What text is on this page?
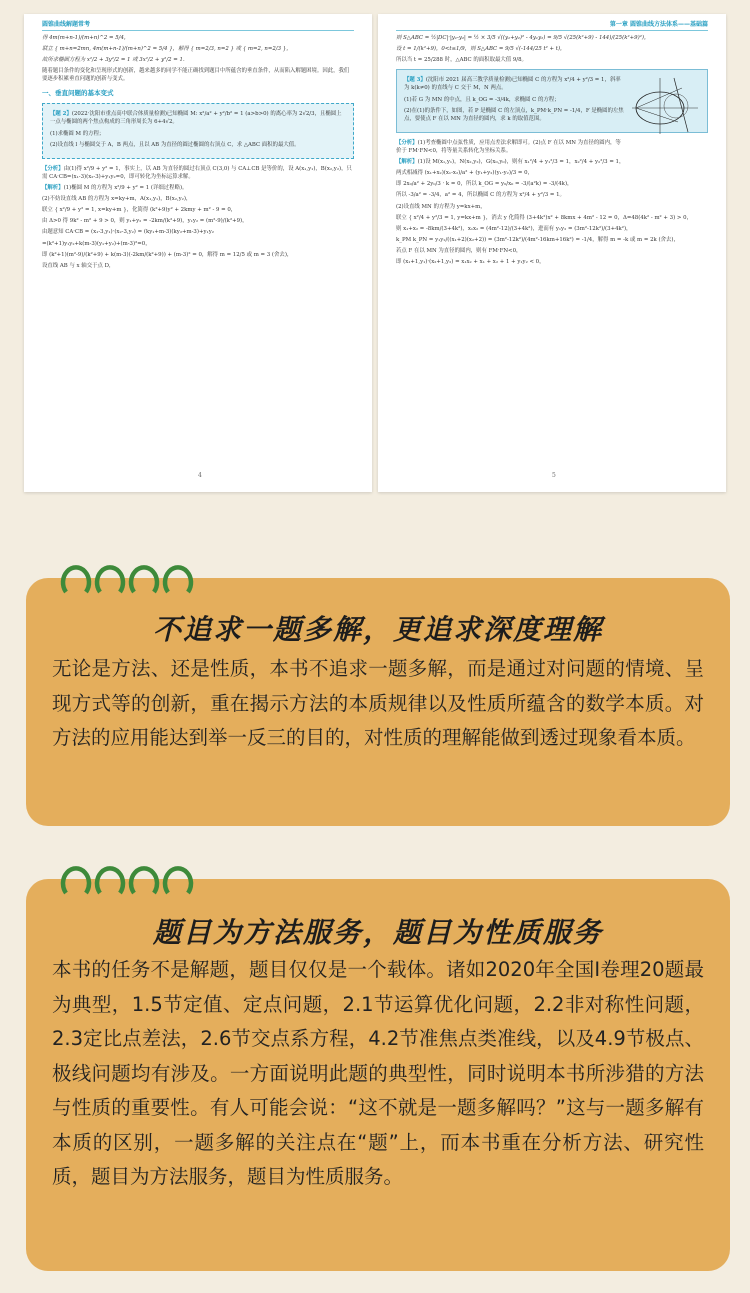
圆锥曲线解题常考

得 4m(m+n-1)/(m+n)^2 = 5/4，

联立 { m+n=2mn, 4m(m+n-1)/(m+n)^2 = 5/4 }，解得 { m=2/3, n=2 } 或 { m=2, n=2/3 }，

故所求椭圆方程为 x²/2 + 3y²/2 = 1 或 3x²/2 + y²/2 = 1.

随着题目条件的变化和呈现形式的创新，越来越多的同学不能正确找到题目中所蕴含的垂直条件，从而陷入解题困境。因此，我们要逐步积累垂直问题的创新与变式。

一、垂直问题的基本变式

【题 2】(2022·沈阳市重点高中联合体质量检测)已知椭圆 M: x²/a² + y²/b² = 1 (a>b>0) 的离心率为 2√2/3，且椭圆上一点与椭圆的两个焦点构成的三角形周长为 6+4√2。

(1)求椭圆 M 的方程；

(2)设直线 l 与椭圆交于 A，B 两点，且以 AB 为直径的圆过椭圆的右顶点 C，求 △ABC 面积的最大值。

【分析】由(1)得 x²/9 + y² = 1，事实上，以 AB 为直径的圆过右顶点 C(3,0) 与 CA⊥CB 是等价的，设 A(x₁,y₁)，B(x₂,y₂)，只需 CA·CB=(x₁-3)(x₂-3)+y₁y₂=0，即可转化为坐标运算求解。

【解析】(1)椭圆 M 的方程为 x²/9 + y² = 1 (详细过程略)。

(2)不妨设直线 AB 的方程为 x=ky+m，A(x₁,y₁)，B(x₂,y₂)，

联立 { x²/9 + y² = 1, x=ky+m }，化简得 (k²+9)y² + 2kmy + m² - 9 = 0，

由 Δ>0 得 9k² - m² + 9 > 0，则 y₁+y₂ = -2km/(k²+9)，y₁y₂ = (m²-9)/(k²+9)，

由题意知 CA·CB = (x₁-3,y₁)·(x₂-3,y₂) = (ky₁+m-3)(ky₂+m-3)+y₁y₂

=(k²+1)y₁y₂+k(m-3)(y₁+y₂)+(m-3)²=0，

即 (k²+1)(m²-9)/(k²+9) + k(m-3)(-2km/(k²+9)) + (m-3)² = 0，解得 m = 12/5 或 m = 3 (舍去)，

设直线 AB 与 x 轴交于点 D，

4
第一章 圆锥曲线方法体系——基础篇

则 S△ABC = ½|DC|·|y₁-y₂| = ½ × 3/5 √((y₁+y₂)² - 4y₁y₂) = 9/5 √(25(k²+9) - 144)/(25(k²+9)²)，

设 t = 1/(k²+9)，0<t≤1/9，则 S△ABC = 9/5 √(-144/25 t² + t)，

所以当 t = 25/288 时，△ABC 的面积取最大值 9/8。

【题 3】(沈阳市 2021 届高三教学质量检测)已知椭圆 C 的方程为 x²/4 + y²/3 = 1，斜率为 k(k≠0) 的直线与 C 交于 M，N 两点。

(1)若 G 为 MN 的中点，且 k_OG = -3/4k，求椭圆 C 的方程；

(2)在(1)的条件下，如图，若 P 是椭圆 C 的左顶点，k_PM·k_PN = -1/4，F 是椭圆的左焦点，要使点 F 在以 MN 为直径的圆内，求 k 的取值范围。

【分析】(1)考查椭圆中点弦性质，应用点差法求解即可。(2)点 F 在以 MN 为直径的圆内，等价于 FM·FN<0，将等量关系转化为坐标关系。

【解析】(1)设 M(x₁,y₁)，N(x₂,y₂)，G(x₀,y₀)，则有 x₁²/4 + y₁²/3 = 1，x₂²/4 + y₂²/3 = 1，

两式相减得 (x₁+x₂)(x₁-x₂)/a² + (y₁+y₂)(y₁-y₂)/3 = 0，

即 2x₀/a² + 2y₀/3 · k = 0，所以 k_OG = y₀/x₀ = -3/(a²k) = -3/(4k)，

所以 -3/a² = -3/4，a² = 4，所以椭圆 C 的方程为 x²/4 + y²/3 = 1。

(2)设直线 MN 的方程为 y=kx+m，

联立 { x²/4 + y²/3 = 1, y=kx+m }，消去 y 化简得 (3+4k²)x² + 8kmx + 4m² - 12 = 0，Δ=48(4k² - m² + 3) > 0，

则 x₁+x₂ = -8km/(3+4k²)，x₁x₂ = (4m²-12)/(3+4k²)，进而有 y₁y₂ = (3m²-12k²)/(3+4k²)，

k_PM k_PN = y₁y₂/((x₁+2)(x₂+2)) = (3m²-12k²)/(4m²-16km+16k²) = -1/4，解得 m = -k 或 m = 2k (舍去)，

若点 F 在以 MN 为直径的圆内，则有 FM·FN<0，

即 (x₁+1,y₁)·(x₂+1,y₂) = x₁x₂ + x₁ + x₂ + 1 + y₁y₂ < 0，

5
不追求一题多解，更追求深度理解

无论是方法、还是性质，本书不追求一题多解，而是通过对问题的情境、呈现方式等的创新，重在揭示方法的本质规律以及性质所蕴含的数学本质。对方法的应用能达到举一反三的目的，对性质的理解能做到透过现象看本质。

题目为方法服务，题目为性质服务

本书的任务不是解题，题目仅仅是一个载体。诸如2020年全国Ⅰ卷理20题最为典型，1.5节定值、定点问题，2.1节运算优化问题，2.2非对称性问题，2.3定比点差法，2.6节交点系方程，4.2节准焦点类准线，以及4.9节极点、极线问题均有涉及。一方面说明此题的典型性，同时说明本书所涉猎的方法与性质的重要性。有人可能会说：“这不就是一题多解吗？”这与一题多解有本质的区别，一题多解的关注点在“题”上，而本书重在分析方法、研究性质，题目为方法服务，题目为性质服务。
